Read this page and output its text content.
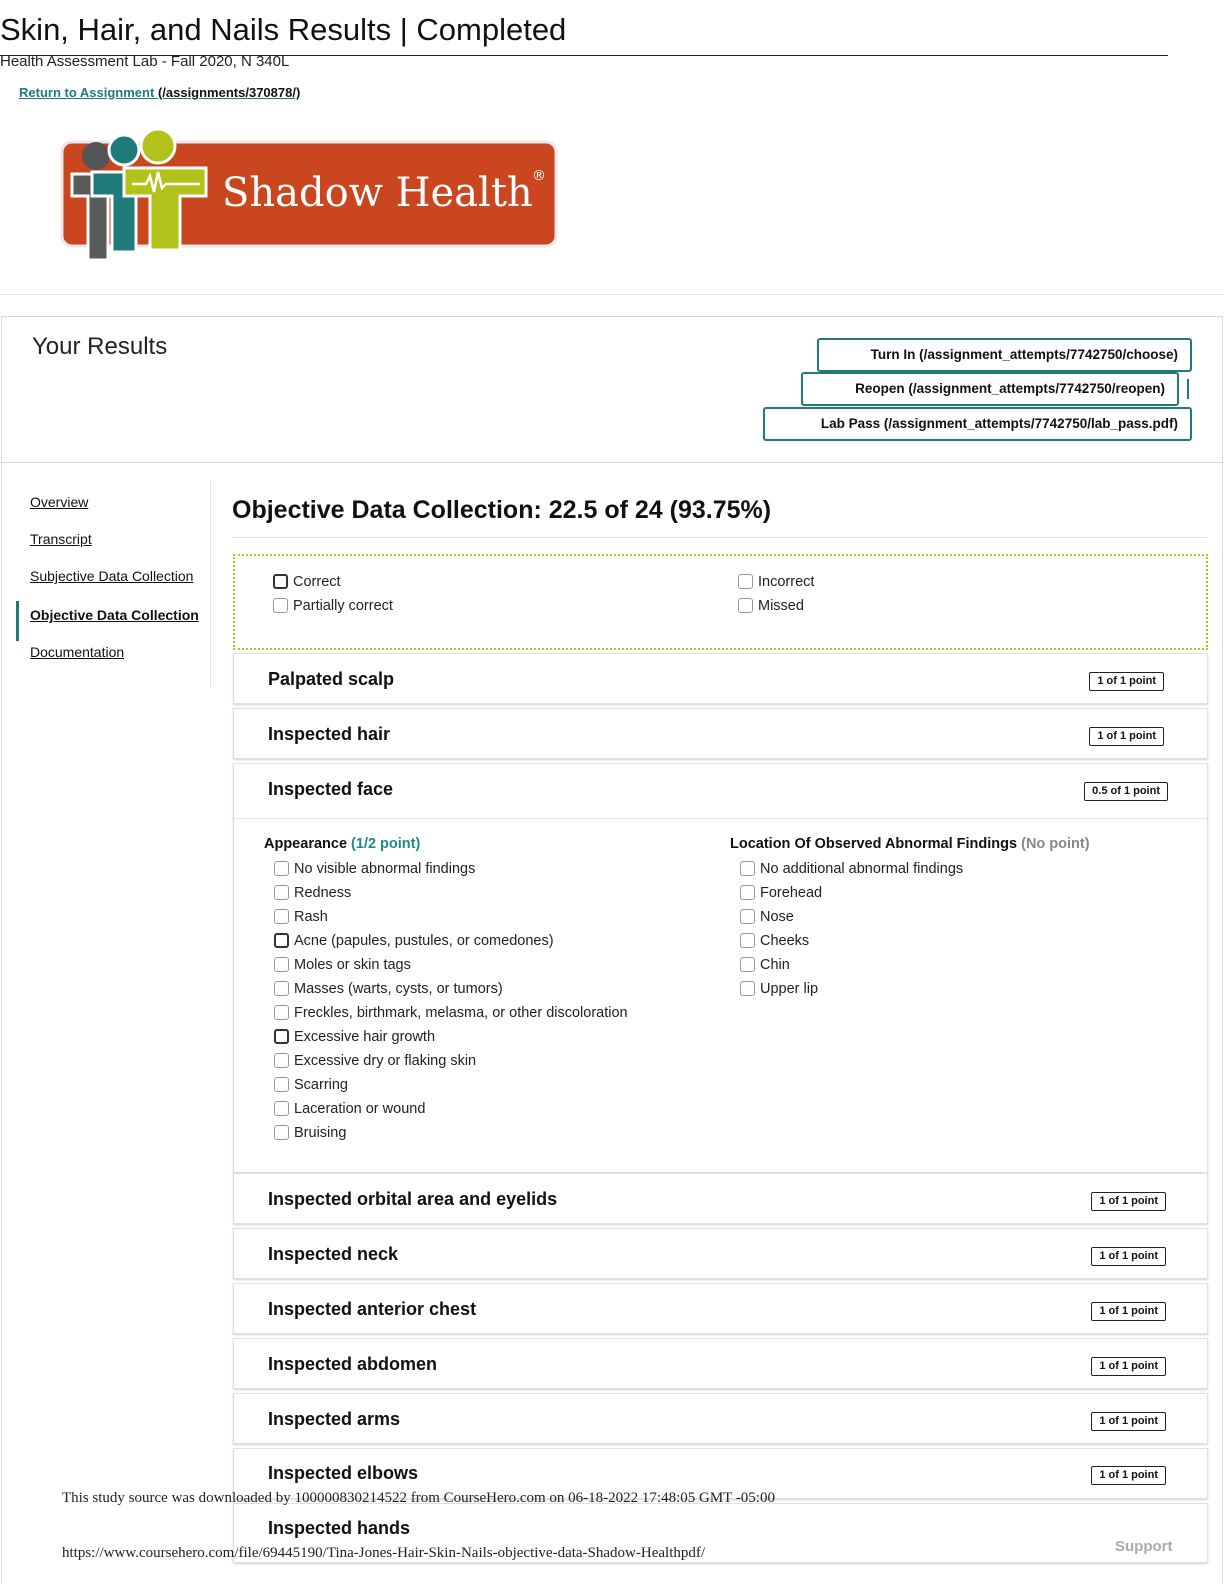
Skin, Hair, and Nails Results | Completed
Health Assessment Lab - Fall 2020, N 340L
Return to Assignment (/assignments/370878/)
Shadow Health ®
Your Results	Turn In (/assignment_attempts/7742750/choose)
Reopen (/assignment_attempts/7742750/reopen)
Lab Pass (/assignment_attempts/7742750/lab_pass.pdf)
Overview
Transcript
Subjective Data Collection
Objective Data Collection
Documentation
Objective Data Collection: 22.5 of 24 (93.75%)
Correct
Partially correct
Incorrect
Missed
Palpated scalp	1 of 1 point
Inspected hair	1 of 1 point
Inspected face	0.5 of 1 point
Appearance (1/2 point)
No visible abnormal findings
Redness
Rash
Acne (papules, pustules, or comedones)
Moles or skin tags
Masses (warts, cysts, or tumors)
Freckles, birthmark, melasma, or other discoloration
Excessive hair growth
Excessive dry or flaking skin
Scarring
Laceration or wound
Bruising
Location Of Observed Abnormal Findings (No point)
No additional abnormal findings
Forehead
Nose
Cheeks
Chin
Upper lip
Inspected orbital area and eyelids	1 of 1 point
Inspected neck	1 of 1 point
Inspected anterior chest	1 of 1 point
Inspected abdomen	1 of 1 point
Inspected arms	1 of 1 point
Inspected elbows	1 of 1 point
Inspected hands
This study source was downloaded by 100000830214522 from CourseHero.com on 06-18-2022 17:48:05 GMT -05:00
Support
https://www.coursehero.com/file/69445190/Tina-Jones-Hair-Skin-Nails-objective-data-Shadow-Healthpdf/
